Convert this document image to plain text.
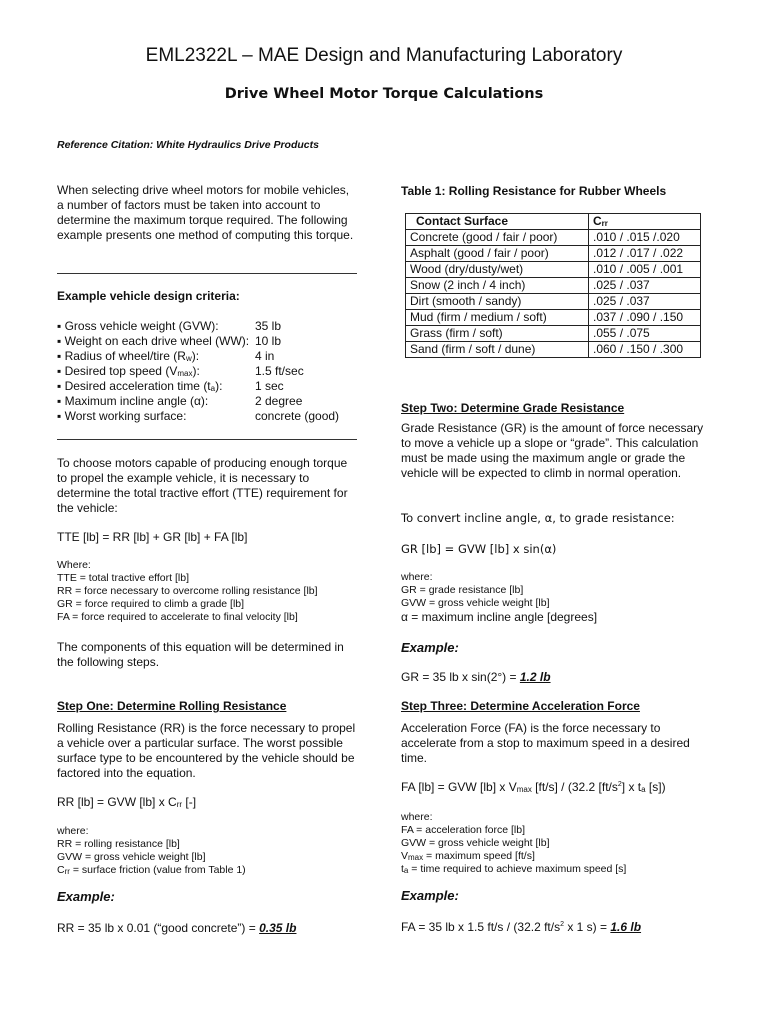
EML2322L – MAE Design and Manufacturing Laboratory
Drive Wheel Motor Torque Calculations
Reference Citation: White Hydraulics Drive Products
When selecting drive wheel motors for mobile vehicles, a number of factors must be taken into account to determine the maximum torque required. The following example presents one method of computing this torque.
Example vehicle design criteria:
▪ Gross vehicle weight (GVW):	35 lb
▪ Weight on each drive wheel (WW): 10 lb
▪ Radius of wheel/tire $(R_w)$:	4 in
▪ Desired top speed $(V_{max})$:	1.5 ft/sec
▪ Desired acceleration time $(t_a)$:	1 sec
▪ Maximum incline angle (α):	2 degree
▪ Worst working surface:	concrete (good)
To choose motors capable of producing enough torque to propel the example vehicle, it is necessary to determine the total tractive effort (TTE) requirement for the vehicle:
TTE [lb] = RR [lb] + GR [lb] + FA [lb]
Where:
TTE = total tractive effort [lb]
RR = force necessary to overcome rolling resistance [lb]
GR = force required to climb a grade [lb]
FA = force required to accelerate to final velocity [lb]
The components of this equation will be determined in the following steps.
Step One: Determine Rolling Resistance
Rolling Resistance (RR) is the force necessary to propel a vehicle over a particular surface. The worst possible surface type to be encountered by the vehicle should be factored into the equation.
RR [lb] = GVW [lb] x $C_{rr}$ [-]
where:
RR = rolling resistance [lb]
GVW = gross vehicle weight [lb]
$C_{rr}$ = surface friction (value from Table 1)
Example:
RR = 35 lb x 0.01 (“good concrete”) = 0.35 lb
Table 1: Rolling Resistance for Rubber Wheels
Contact Surface	$C_{rr}$
Concrete (good / fair / poor)	.010 / .015 /.020
Asphalt (good / fair / poor)	.012 / .017 / .022
Wood (dry/dusty/wet)	.010 / .005 / .001
Snow (2 inch / 4 inch)	.025 / .037
Dirt (smooth / sandy)	.025 / .037
Mud (firm / medium / soft)	.037 / .090 / .150
Grass (firm / soft)	.055 / .075
Sand (firm / soft / dune)	.060 / .150 / .300
Step Two: Determine Grade Resistance
Grade Resistance (GR) is the amount of force necessary to move a vehicle up a slope or “grade”. This calculation must be made using the maximum angle or grade the vehicle will be expected to climb in normal operation.
To convert incline angle, α, to grade resistance:
GR [lb] = GVW [lb] x sin(α)
where:
GR = grade resistance [lb]
GVW = gross vehicle weight [lb]
α = maximum incline angle [degrees]
Example:
GR = 35 lb x sin(2°) = 1.2 lb
Step Three: Determine Acceleration Force
Acceleration Force (FA) is the force necessary to accelerate from a stop to maximum speed in a desired time.
FA [lb] = GVW [lb] x $V_{max}$ [ft/s] / (32.2 $[ft/s^2]$ x $t_a$ [s])
where:
FA = acceleration force [lb]
GVW = gross vehicle weight [lb]
$V_{max}$ = maximum speed [ft/s]
$t_a$ = time required to achieve maximum speed [s]
Example:
FA = 35 lb x 1.5 ft/s / (32.2 $ft/s^2$ x 1 s) = 1.6 lb
